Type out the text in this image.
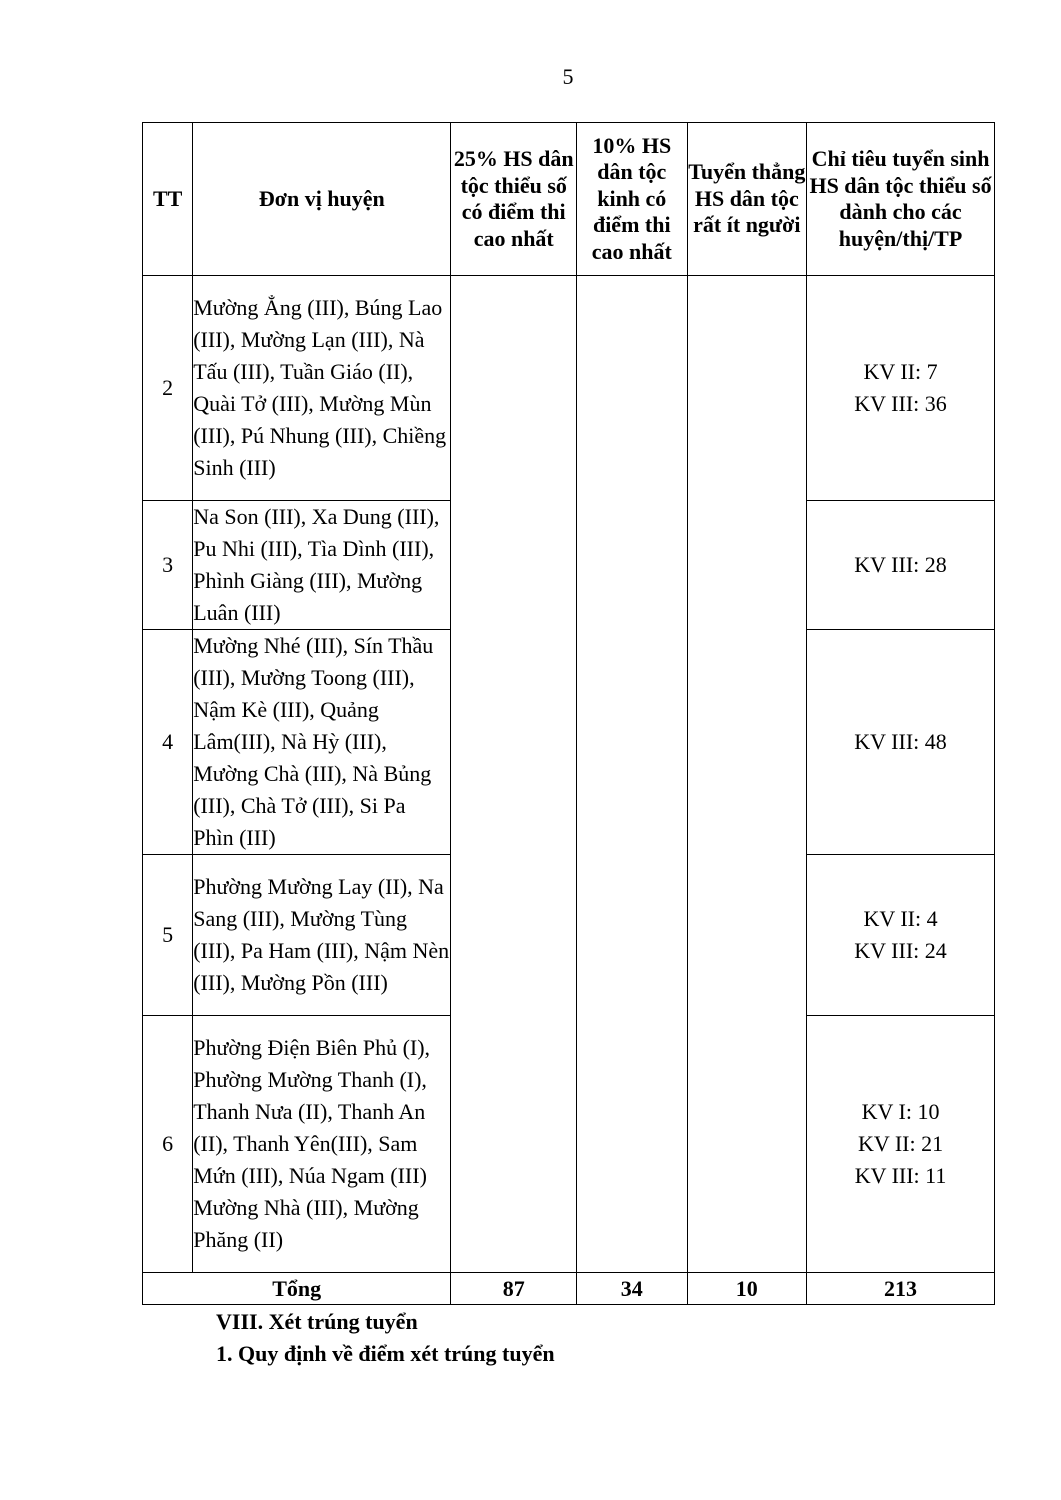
5
TT	Đơn vị huyện	25% HS dân tộc thiểu số có điểm thi cao nhất	10% HS dân tộc kinh có điểm thi cao nhất	Tuyển thẳng HS dân tộc rất ít người	Chỉ tiêu tuyển sinh HS dân tộc thiểu số dành cho các huyện/thị/TP
2	Mường Ẳng (III), Búng Lao (III), Mường Lạn (III), Nà Tấu (III), Tuần Giáo (II), Quài Tở (III), Mường Mùn (III), Pú Nhung (III), Chiềng Sinh (III)				KV II: 7
KV III: 36

3	Na Son (III), Xa Dung (III), Pu Nhi (III), Tìa Dình (III), Phình Giàng (III), Mường Luân (III)				KV III: 28

4	Mường Nhé (III), Sín Thầu (III), Mường Toong (III), Nậm Kè (III), Quảng Lâm(III), Nà Hỳ (III), Mường Chà (III), Nà Bủng (III), Chà Tở (III), Si Pa Phìn (III)				KV III: 48

5	Phường Mường Lay (II), Na Sang (III), Mường Tùng (III), Pa Ham (III), Nậm Nèn (III), Mường Pồn (III)				KV II: 4
KV III: 24

6	Phường Điện Biên Phủ (I), Phường Mường Thanh (I), Thanh Nưa (II), Thanh An (II), Thanh Yên(III), Sam Mứn (III), Núa Ngam (III) Mường Nhà (III), Mường Phăng (II)				KV I: 10
KV II: 21
KV III: 11

Tổng		87	34	10	213
VIII. Xét trúng tuyển
1. Quy định về điểm xét trúng tuyển
